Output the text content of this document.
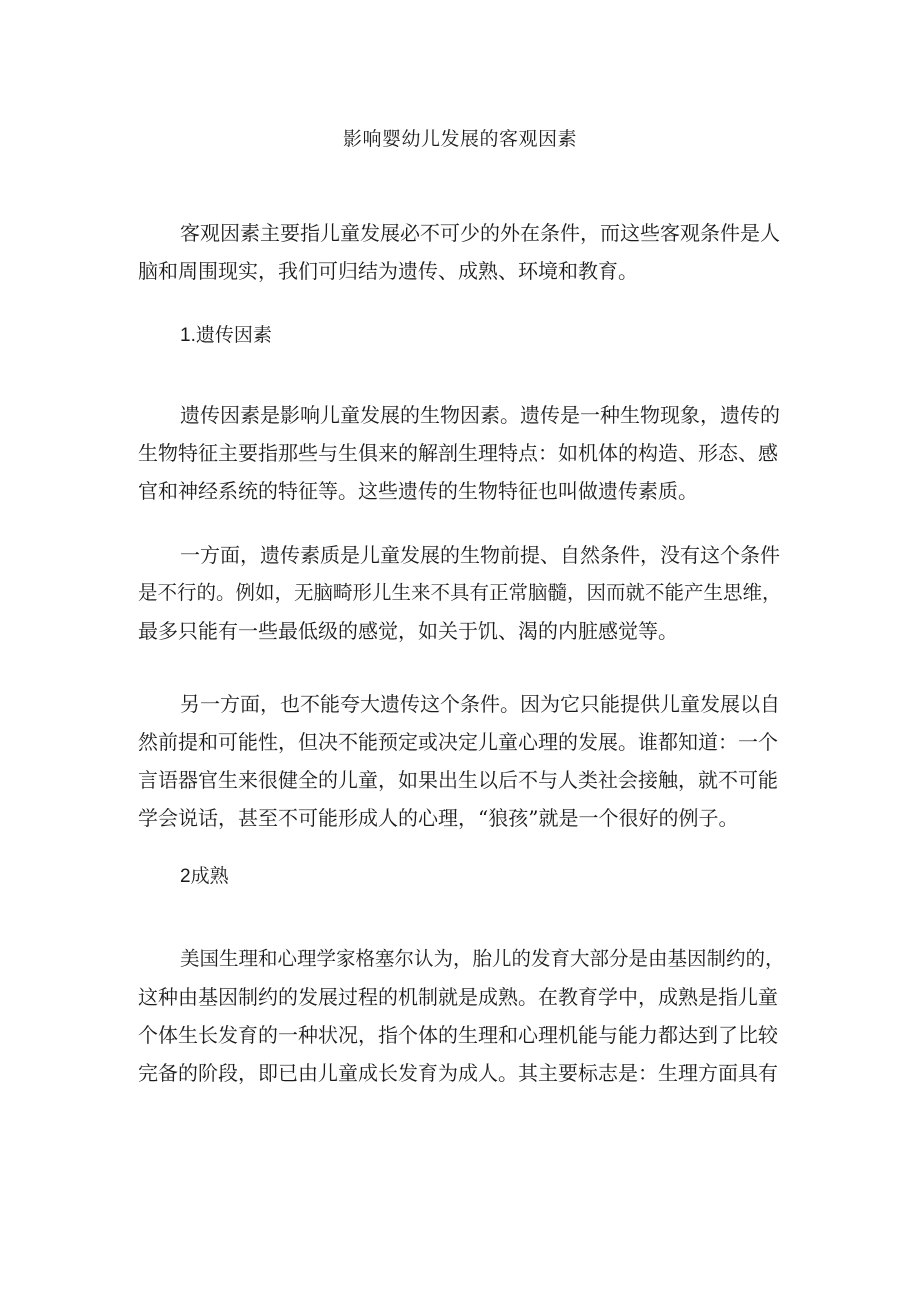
影响婴幼儿发展的客观因素
客观因素主要指儿童发展必不可少的外在条件，而这些客观条件是人
脑和周围现实，我们可归结为遗传、成熟、环境和教育。
1.遗传因素
遗传因素是影响儿童发展的生物因素。遗传是一种生物现象，遗传的
生物特征主要指那些与生俱来的解剖生理特点：如机体的构造、形态、感
官和神经系统的特征等。这些遗传的生物特征也叫做遗传素质。
一方面，遗传素质是儿童发展的生物前提、自然条件，没有这个条件
是不行的。例如，无脑畸形儿生来不具有正常脑髓，因而就不能产生思维，
最多只能有一些最低级的感觉，如关于饥、渴的内脏感觉等。
另一方面，也不能夸大遗传这个条件。因为它只能提供儿童发展以自
然前提和可能性，但决不能预定或决定儿童心理的发展。谁都知道：一个
言语器官生来很健全的儿童，如果出生以后不与人类社会接触，就不可能
学会说话，甚至不可能形成人的心理，“狼孩”就是一个很好的例子。
2成熟
美国生理和心理学家格塞尔认为，胎儿的发育大部分是由基因制约的，
这种由基因制约的发展过程的机制就是成熟。在教育学中，成熟是指儿童
个体生长发育的一种状况，指个体的生理和心理机能与能力都达到了比较
完备的阶段，即已由儿童成长发育为成人。其主要标志是：生理方面具有
